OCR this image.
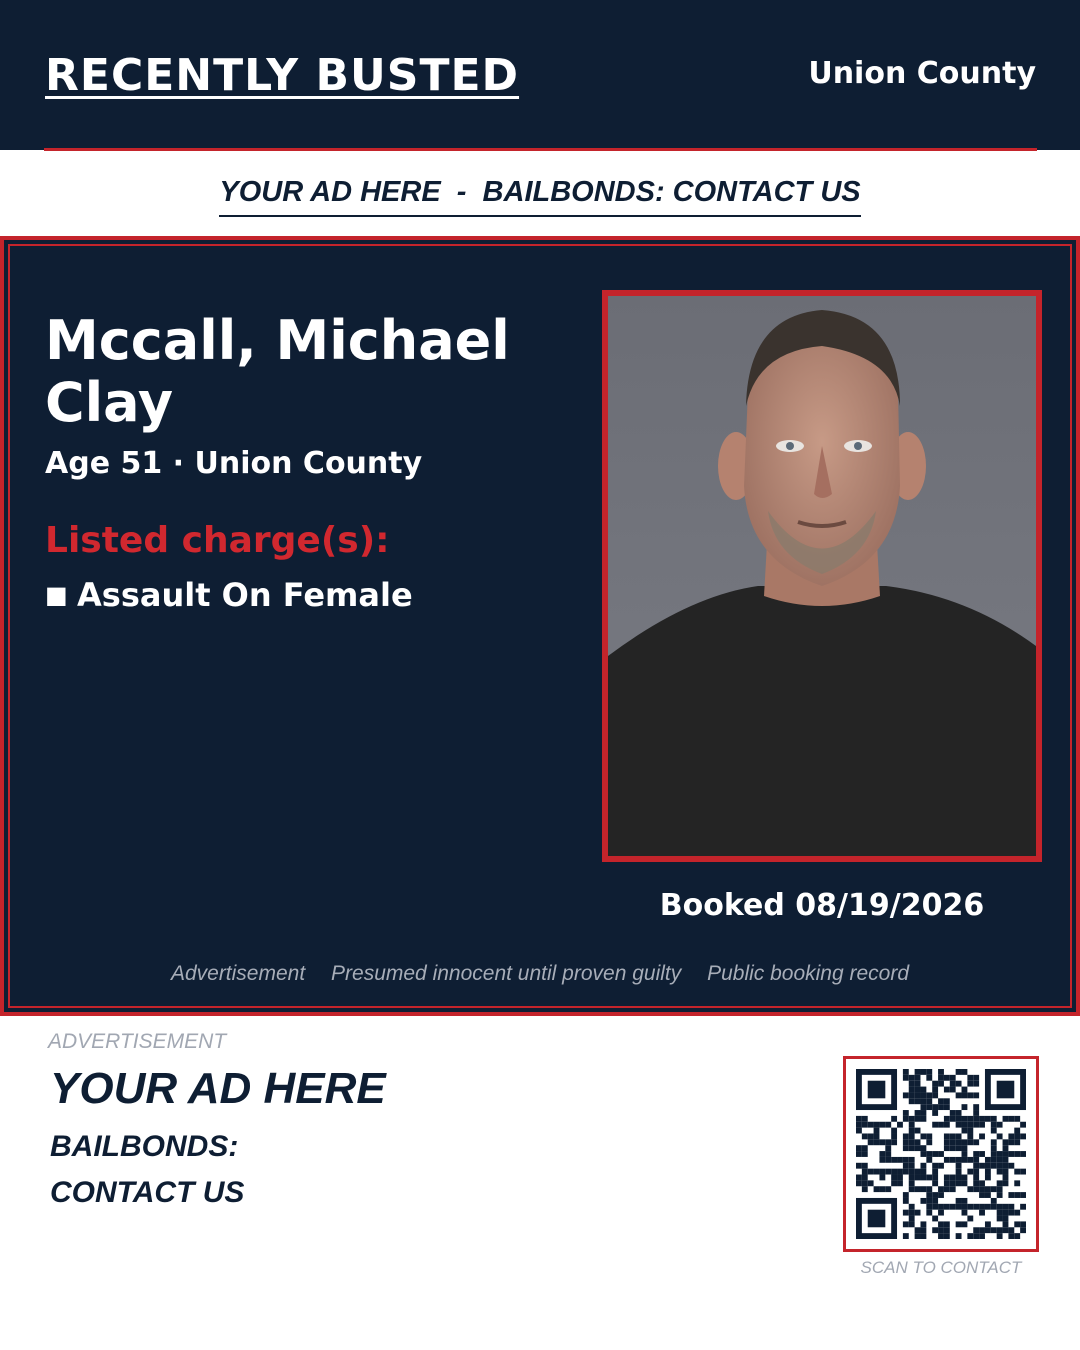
RECENTLY BUSTED	Union County
YOUR AD HERE  -  BAILBONDS: CONTACT US
Mccall, Michael Clay
Age 51 · Union County
Listed charge(s):
■ Assault On Female
Booked 08/19/2026
Advertisement Presumed innocent until proven guilty Public booking record
ADVERTISEMENT
YOUR AD HERE
BAILBONDS:
CONTACT US
SCAN TO CONTACT
